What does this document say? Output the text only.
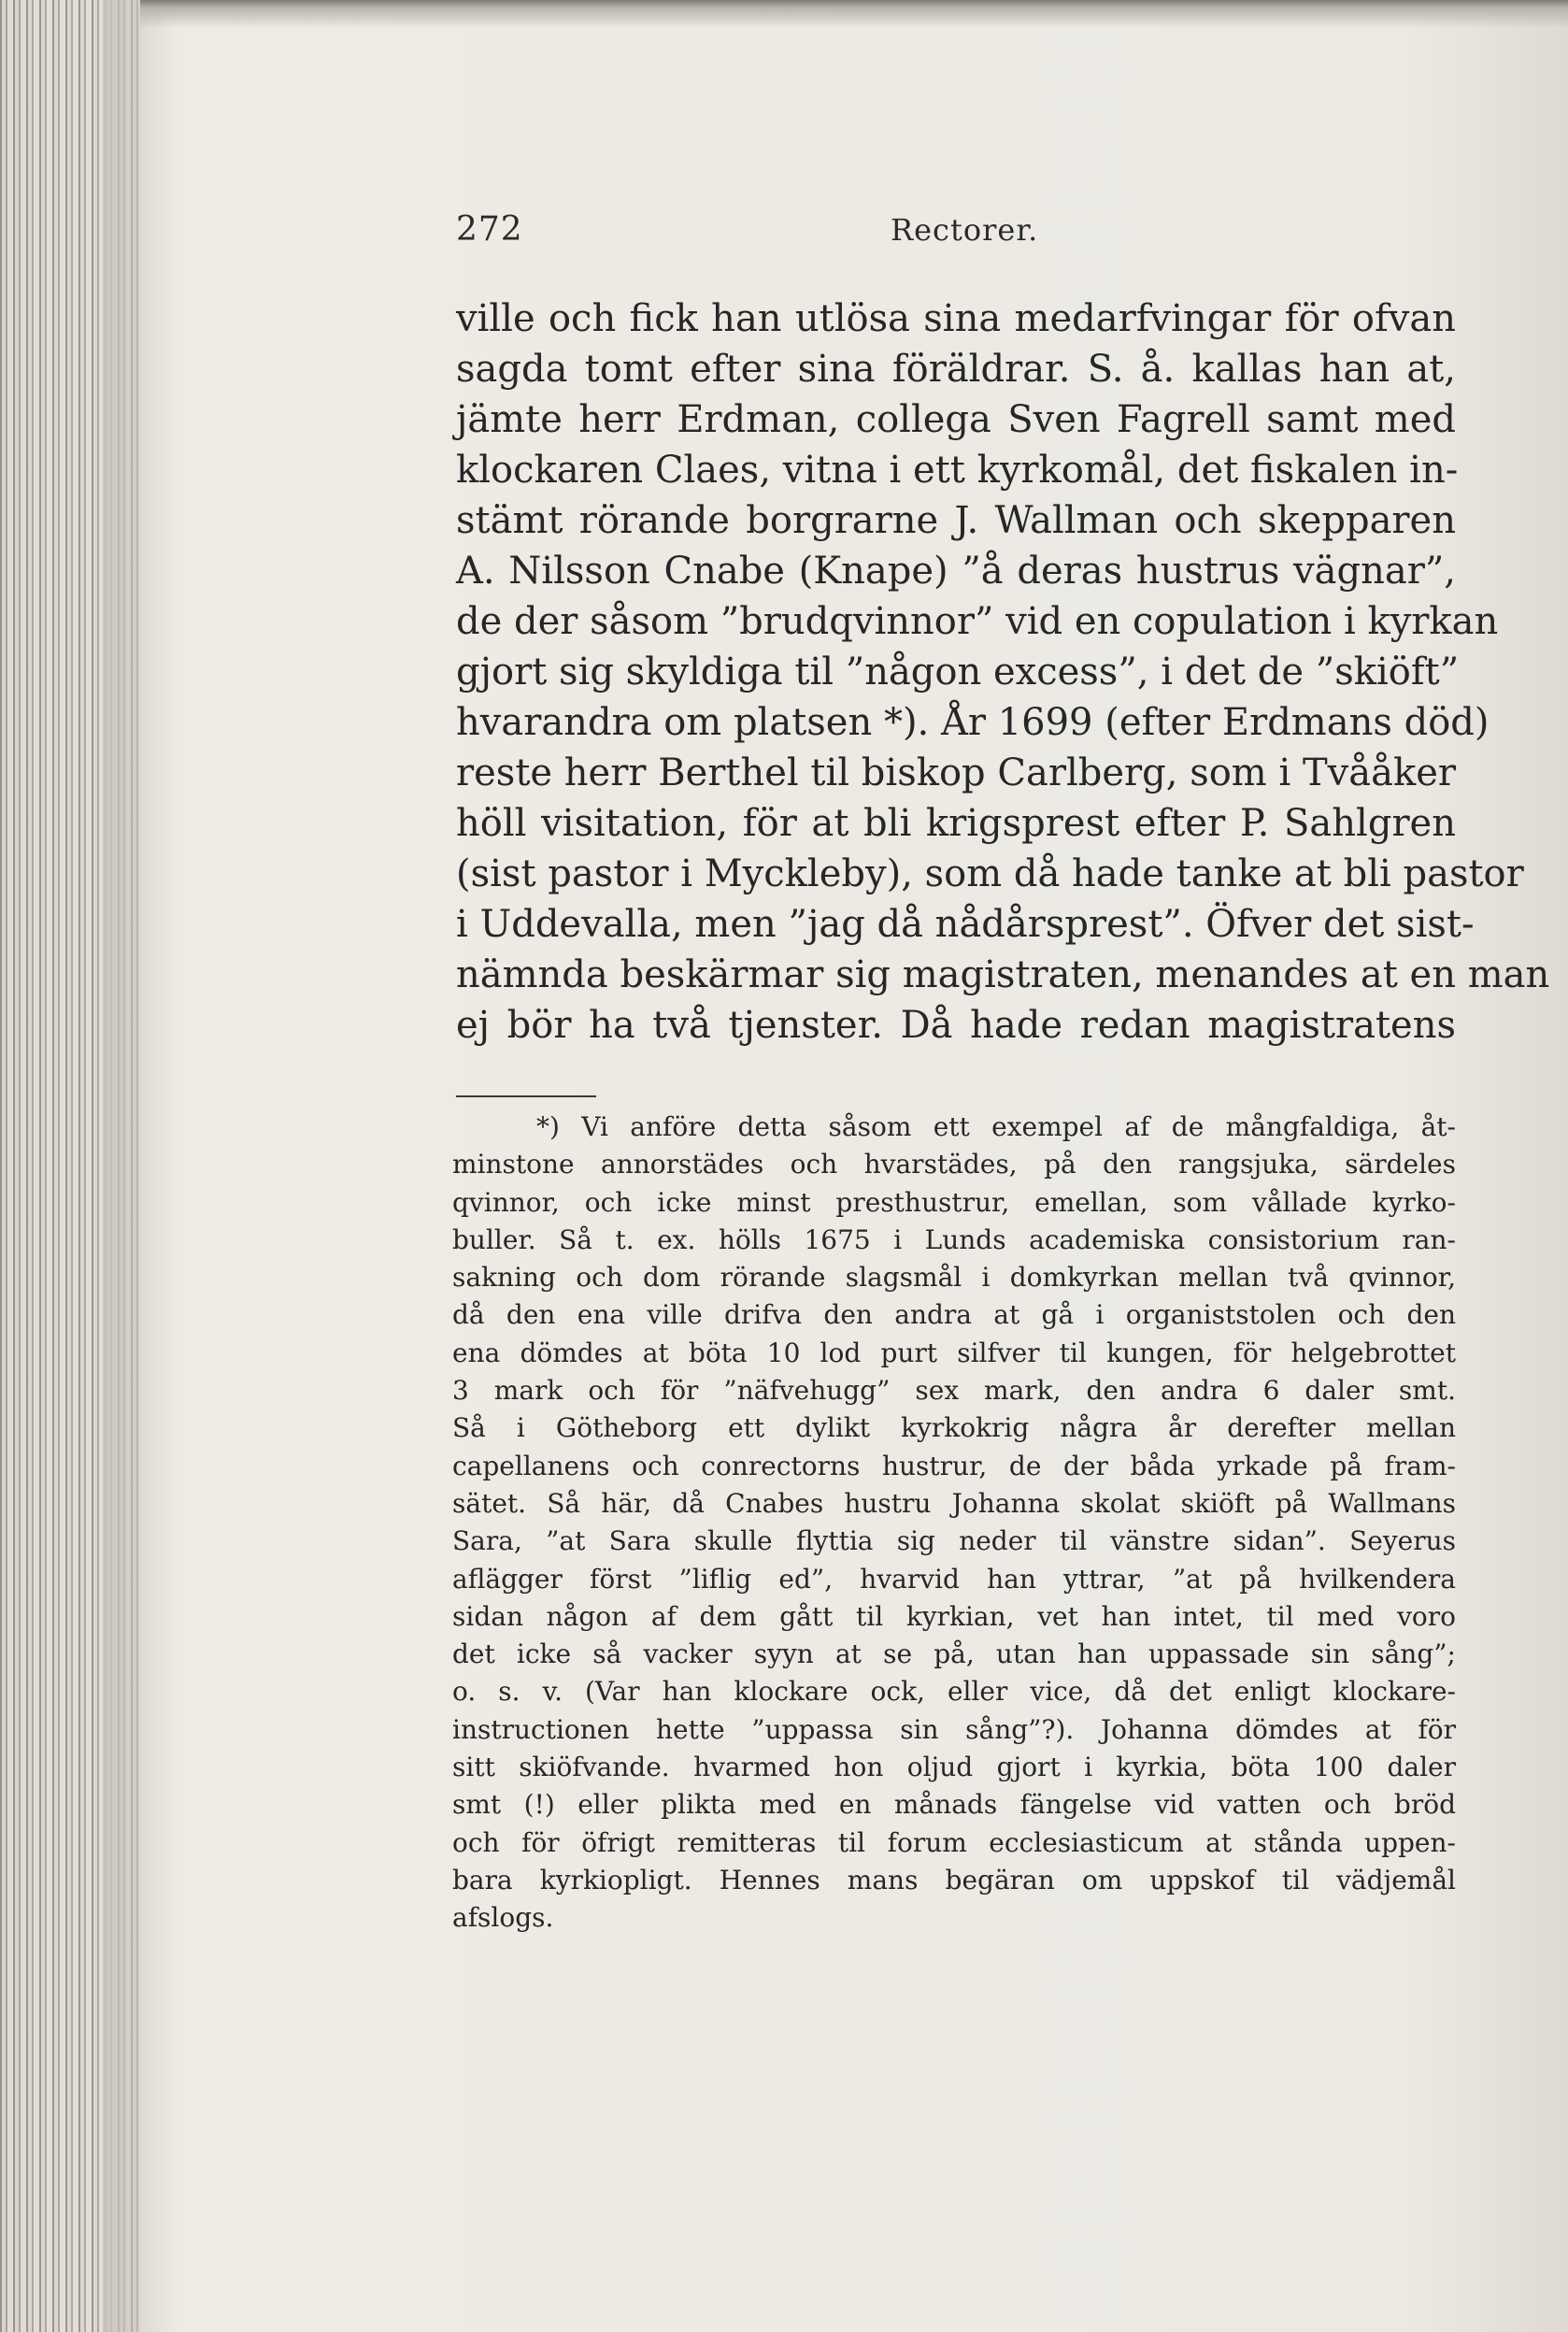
272	Rectorer.
ville och fick han utlösa sina medarfvingar för ofvan
sagda tomt efter sina föräldrar. S. å. kallas han at,
jämte herr Erdman, collega Sven Fagrell samt med
klockaren Claes, vitna i ett kyrkomål, det fiskalen in-
stämt rörande borgrarne J. Wallman och skepparen
A. Nilsson Cnabe (Knape) ”å deras hustrus vägnar”,
de der såsom ”brudqvinnor” vid en copulation i kyrkan
gjort sig skyldiga til ”någon excess”, i det de ”skiöft”
hvarandra om platsen *). År 1699 (efter Erdmans död)
reste herr Berthel til biskop Carlberg, som i Tvååker
höll visitation, för at bli krigsprest efter P. Sahlgren
(sist pastor i Myckleby), som då hade tanke at bli pastor
i Uddevalla, men ”jag då nådårsprest”. Öfver det sist-
nämnda beskärmar sig magistraten, menandes at en man
ej bör ha två tjenster. Då hade redan magistratens
*) Vi anföre detta såsom ett exempel af de mångfaldiga, åt-
minstone annorstädes och hvarstädes, på den rangsjuka, särdeles
qvinnor, och icke minst presthustrur, emellan, som vållade kyrko-
buller. Så t. ex. hölls 1675 i Lunds academiska consistorium ran-
sakning och dom rörande slagsmål i domkyrkan mellan två qvinnor,
då den ena ville drifva den andra at gå i organiststolen och den
ena dömdes at böta 10 lod purt silfver til kungen, för helgebrottet
3 mark och för ”näfvehugg” sex mark, den andra 6 daler smt.
Så i Götheborg ett dylikt kyrkokrig några år derefter mellan
capellanens och conrectorns hustrur, de der båda yrkade på fram-
sätet. Så här, då Cnabes hustru Johanna skolat skiöft på Wallmans
Sara, ”at Sara skulle flyttia sig neder til vänstre sidan”. Seyerus
aflägger först ”liflig ed”, hvarvid han yttrar, ”at på hvilkendera
sidan någon af dem gått til kyrkian, vet han intet, til med voro
det icke så vacker syyn at se på, utan han uppassade sin sång”;
o. s. v. (Var han klockare ock, eller vice, då det enligt klockare-
instructionen hette ”uppassa sin sång”?). Johanna dömdes at för
sitt skiöfvande. hvarmed hon oljud gjort i kyrkia, böta 100 daler
smt (!) eller plikta med en månads fängelse vid vatten och bröd
och för öfrigt remitteras til forum ecclesiasticum at stånda uppen-
bara kyrkiopligt. Hennes mans begäran om uppskof til vädjemål
afslogs.
